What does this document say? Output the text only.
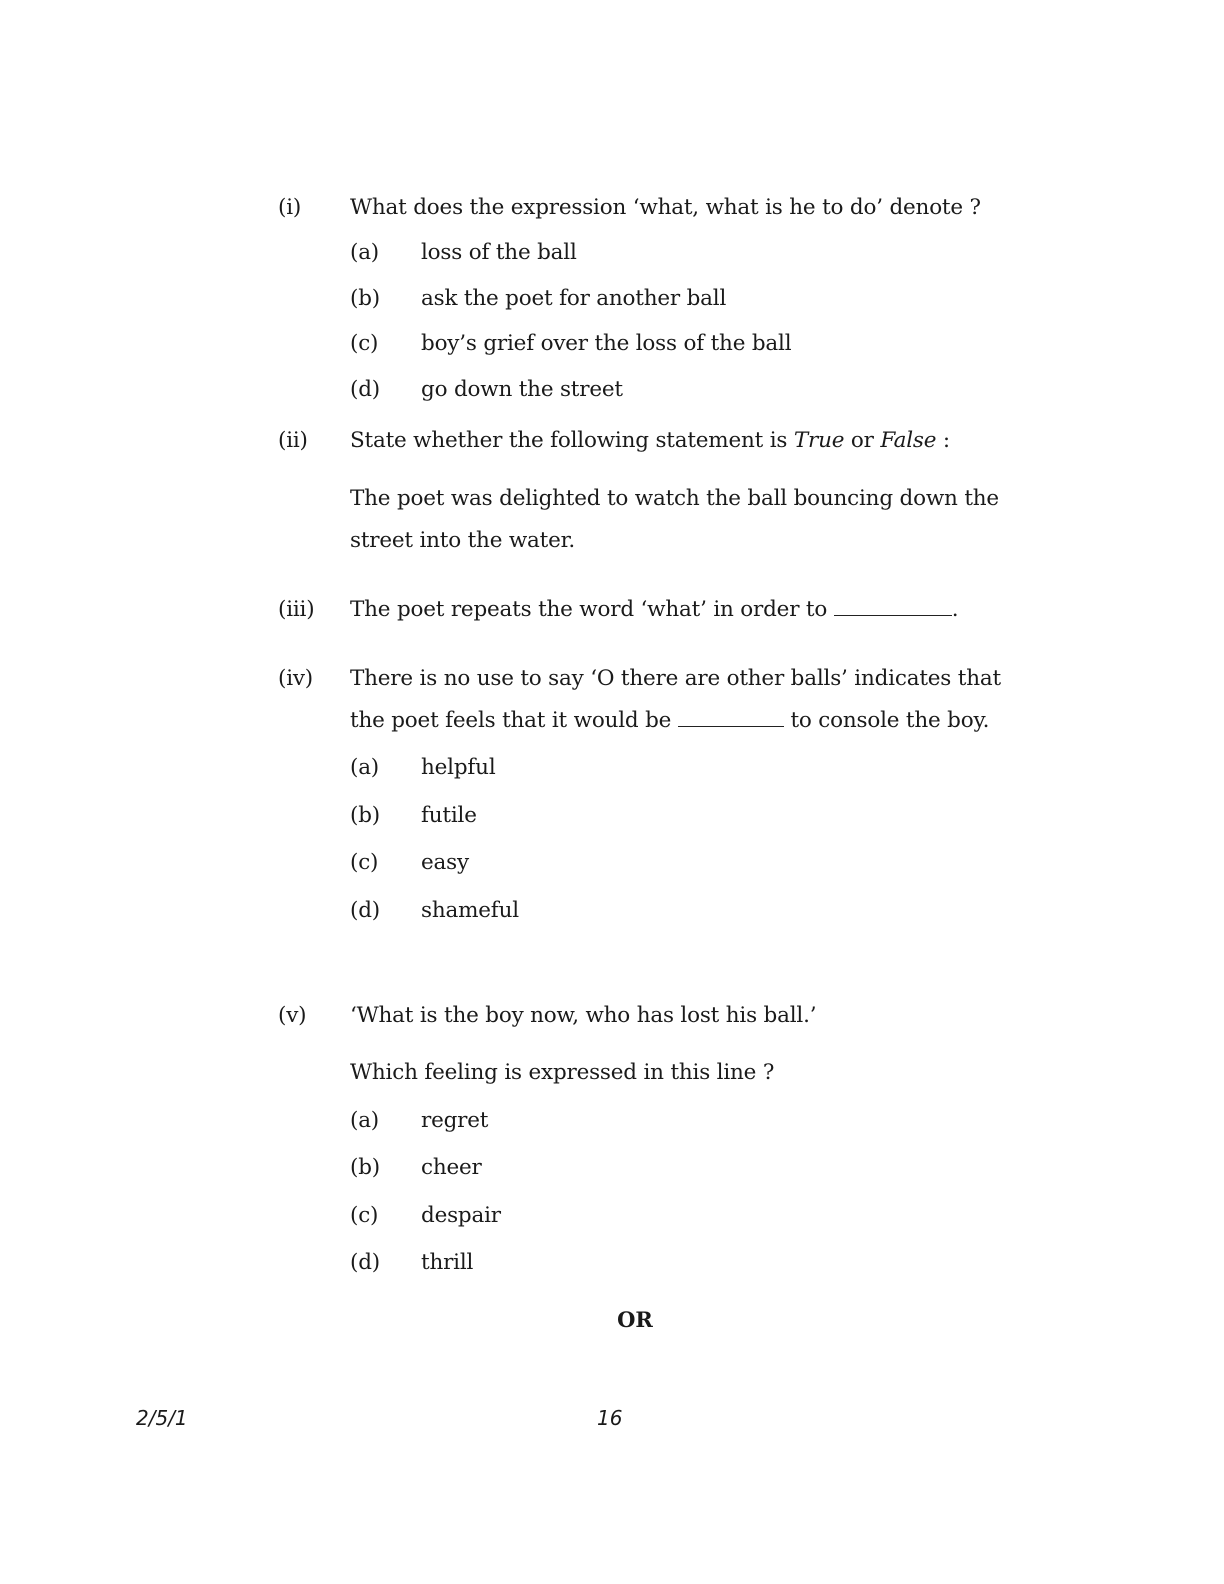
(i) What does the expression ‘what, what is he to do’ denote ?
(a) loss of the ball
(b) ask the poet for another ball
(c) boy’s grief over the loss of the ball
(d) go down the street
(ii) State whether the following statement is True or False :
The poet was delighted to watch the ball bouncing down the
street into the water.
(iii) The poet repeats the word ‘what’ in order to	.
(iv) There is no use to say ‘O there are other balls’ indicates that
the poet feels that it would be	to console the boy.
(a) helpful
(b) futile
(c) easy
(d) shameful
(v) ‘What is the boy now, who has lost his ball.’
Which feeling is expressed in this line ?
(a) regret
(b) cheer
(c) despair
(d) thrill
OR
2/5/1	16
